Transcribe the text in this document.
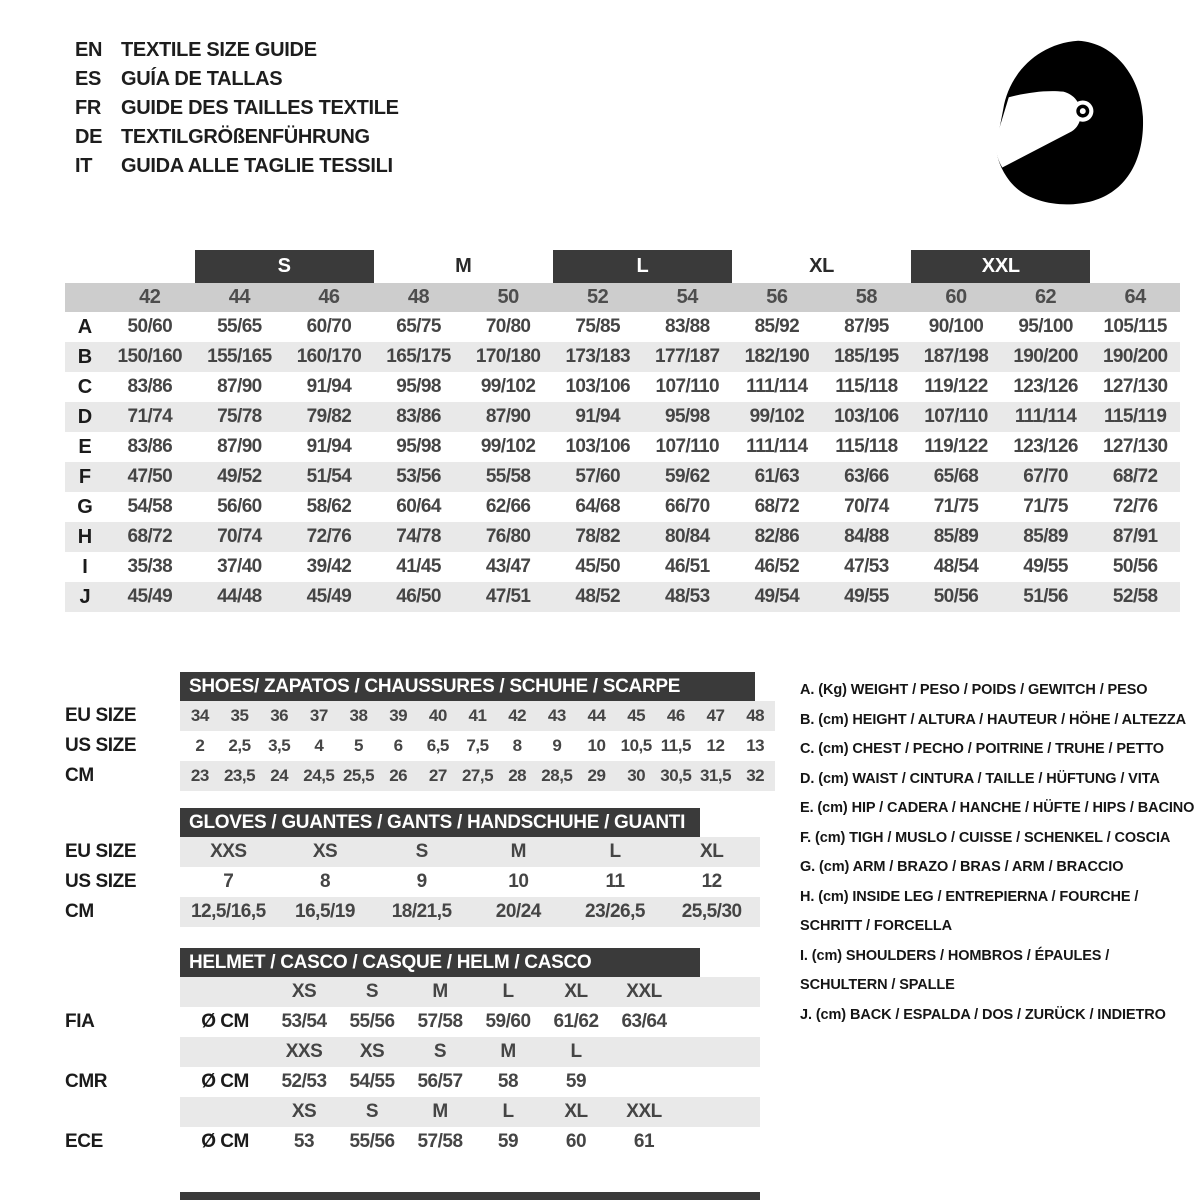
EN TEXTILE SIZE GUIDE
ES GUÍA DE TALLAS
FR GUIDE DES TAILLES TEXTILE
DE TEXTILGRÖßENFÜHRUNG
IT	GUIDA ALLE TAGLIE TESSILI

S		M		L		XL		XXL		

	42	44	46	48	50	52	54	56	58	60	62	64
A	50/60	55/65	60/70	65/75	70/80	75/85	83/88	85/92	87/95	90/100	95/100	105/115
B	150/160	155/165	160/170	165/175	170/180	173/183	177/187	182/190	185/195	187/198	190/200	190/200
C	83/86	87/90	91/94	95/98	99/102	103/106	107/110	111/114	115/118	119/122	123/126	127/130
D	71/74	75/78	79/82	83/86	87/90	91/94	95/98	99/102	103/106	107/110	111/114	115/119
E	83/86	87/90	91/94	95/98	99/102	103/106	107/110	111/114	115/118	119/122	123/126	127/130
F	47/50	49/52	51/54	53/56	55/58	57/60	59/62	61/63	63/66	65/68	67/70	68/72
G	54/58	56/60	58/62	60/64	62/66	64/68	66/70	68/72	70/74	71/75	71/75	72/76
H	68/72	70/74	72/76	74/78	76/80	78/82	80/84	82/86	84/88	85/89	85/89	87/91
I	35/38	37/40	39/42	41/45	43/47	45/50	46/51	46/52	47/53	48/54	49/55	50/56
J	45/49	44/48	45/49	46/50	47/51	48/52	48/53	49/54	49/55	50/56	51/56	52/58
SHOES/ ZAPATOS / CHAUSSURES / SCHUHE / SCARPE
EU SIZE	34	35	36	37	38	39	40	41	42	43	44	45	46	47	48
US SIZE	2	2,5	3,5	4	5	6	6,5	7,5	8	9	10 10,5 11,5 12	13
CM	23 23,5 24 24,5 25,5 26	27 27,5 28 28,5 29	30 30,5 31,5 32
GLOVES / GUANTES / GANTS / HANDSCHUHE / GUANTI
EU SIZE	XXS	XS	S	M	L	XL
US SIZE	7	8	9	10	11	12
CM	12,5/16,5	16,5/19	18/21,5	20/24	23/26,5	25,5/30
HELMET / CASCO / CASQUE / HELM / CASCO
XS	S	M	L	XL	XXL
FIA	Ø CM	53/54	55/56	57/58	59/60	61/62	63/64
XXS	XS	S	M	L
CMR	Ø CM	52/53	54/55	56/57	58	59
XS	S	M	L	XL	XXL
ECE	Ø CM	53	55/56	57/58	59	60	61
A. (Kg) WEIGHT / PESO / POIDS / GEWITCH / PESO
B. (cm) HEIGHT / ALTURA / HAUTEUR / HÖHE / ALTEZZA
C. (cm) CHEST / PECHO / POITRINE / TRUHE / PETTO
D. (cm) WAIST / CINTURA / TAILLE / HÜFTUNG / VITA
E. (cm) HIP / CADERA / HANCHE / HÜFTE / HIPS / BACINO
F. (cm) TIGH / MUSLO / CUISSE / SCHENKEL / COSCIA
G. (cm) ARM / BRAZO / BRAS / ARM / BRACCIO
H. (cm) INSIDE LEG / ENTREPIERNA / FOURCHE / SCHRITT / FORCELLA
I. (cm) SHOULDERS / HOMBROS / ÉPAULES / SCHULTERN / SPALLE
J. (cm) BACK / ESPALDA / DOS / ZURÜCK / INDIETRO
